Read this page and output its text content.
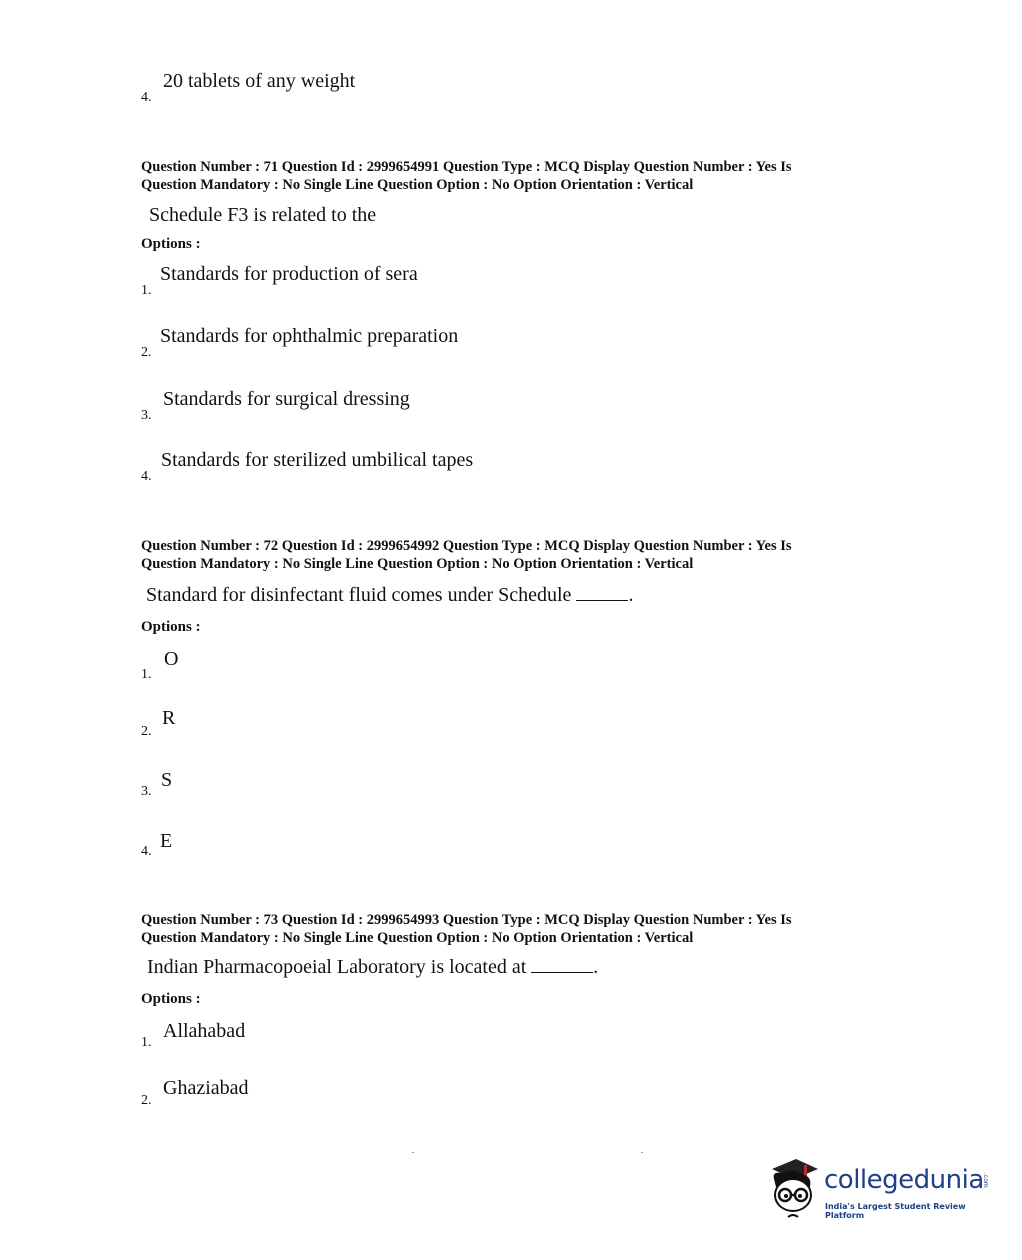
20 tablets of any weight
4.
Question Number : 71 Question Id : 2999654991 Question Type : MCQ Display Question Number : Yes Is
Question Mandatory : No Single Line Question Option : No Option Orientation : Vertical
Schedule F3 is related to the
Options :
Standards for production of sera
1.
Standards for ophthalmic preparation
2.
Standards for surgical dressing
3.
Standards for sterilized umbilical tapes
4.
Question Number : 72 Question Id : 2999654992 Question Type : MCQ Display Question Number : Yes Is
Question Mandatory : No Single Line Question Option : No Option Orientation : Vertical
Standard for disinfectant fluid comes under Schedule	.
Options :
O
1.
R
2.
S
3.
E
4.
Question Number : 73 Question Id : 2999654993 Question Type : MCQ Display Question Number : Yes Is
Question Mandatory : No Single Line Question Option : No Option Orientation : Vertical
Indian Pharmacopoeial Laboratory is located at	.
Options :
Allahabad
1.
Ghaziabad
2.
collegedunia
.com
India's Largest Student Review Platform
